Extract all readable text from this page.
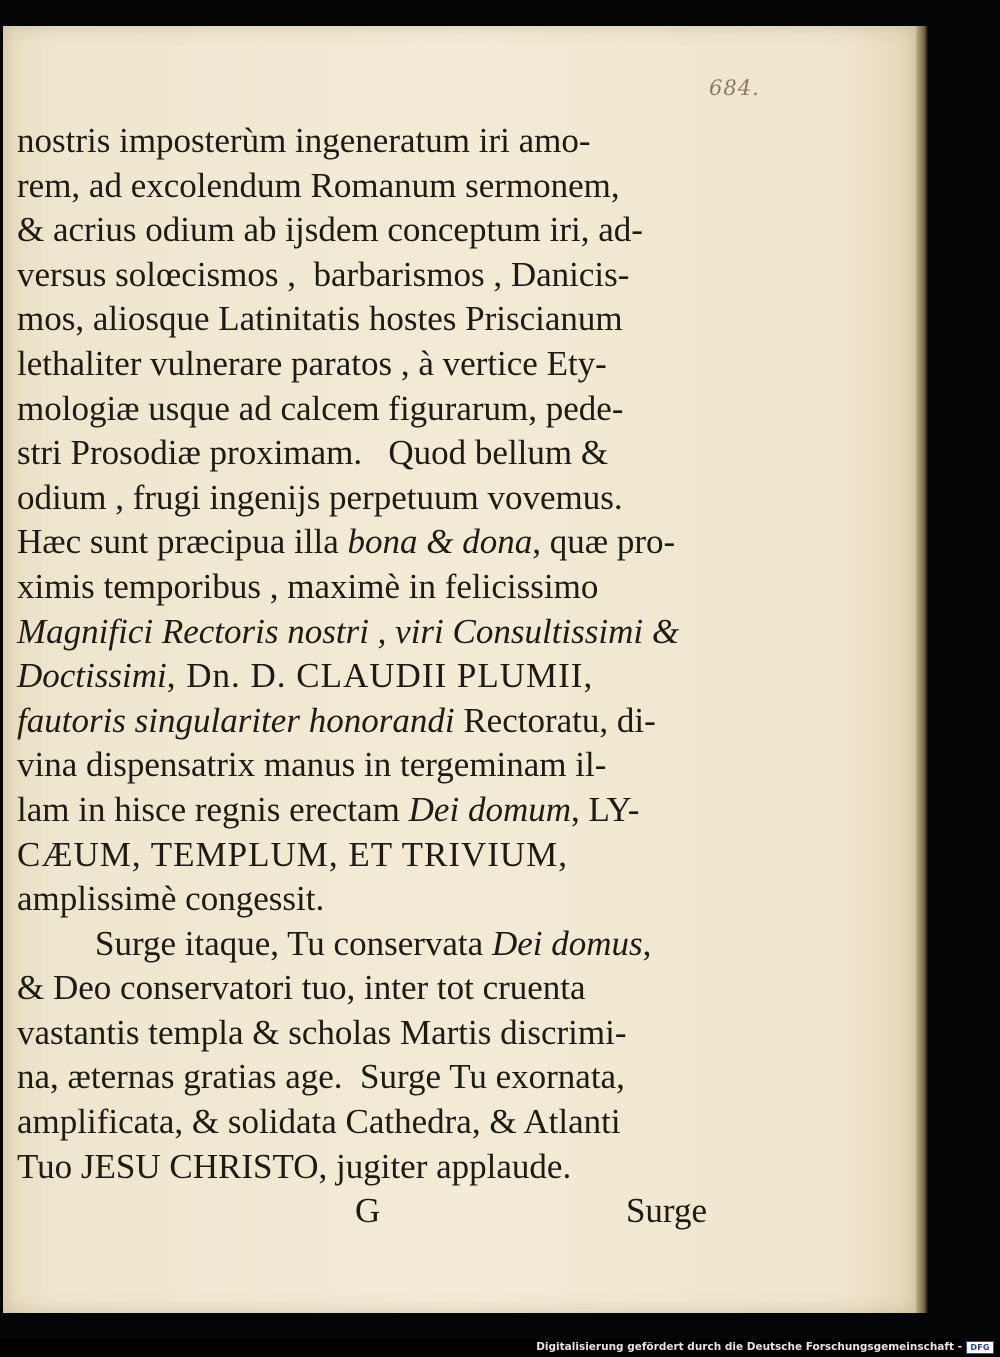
684.
nostris imposterùm ingeneratum iri amo-
rem, ad excolendum Romanum sermonem,
& acrius odium ab ijsdem conceptum iri, ad-
versus solœcismos ,  barbarismos , Danicis-
mos, aliosque Latinitatis hostes Priscianum
lethaliter vulnerare paratos , à vertice Ety-
mologiæ usque ad calcem figurarum, pede-
stri Prosodiæ proximam.   Quod bellum &
odium , frugi ingenijs perpetuum vovemus.
Hæc sunt præcipua illa bona & dona , quæ pro-
ximis temporibus , maximè in felicissimo
Magnifici Rectoris nostri , viri Consultissimi &
Doctissimi , Dn. D. CLAUDII PLUMII,
fautoris singulariter honorandi Rectoratu, di-
vina dispensatrix manus in tergeminam il-
lam in hisce regnis erectam Dei domum , LY-
CÆUM, TEMPLUM, ET TRIVIUM,
amplissimè congessit.
Surge itaque, Tu conservata Dei domus ,
& Deo conservatori tuo, inter tot cruenta
vastantis templa & scholas Martis discrimi-
na, æternas gratias age.  Surge Tu exornata,
amplificata, & solidata Cathedra, & Atlanti
Tuo JESU CHRISTO, jugiter applaude.
G	Surge
Digitalisierung gefördert durch die Deutsche Forschungsgemeinschaft -	DFG
